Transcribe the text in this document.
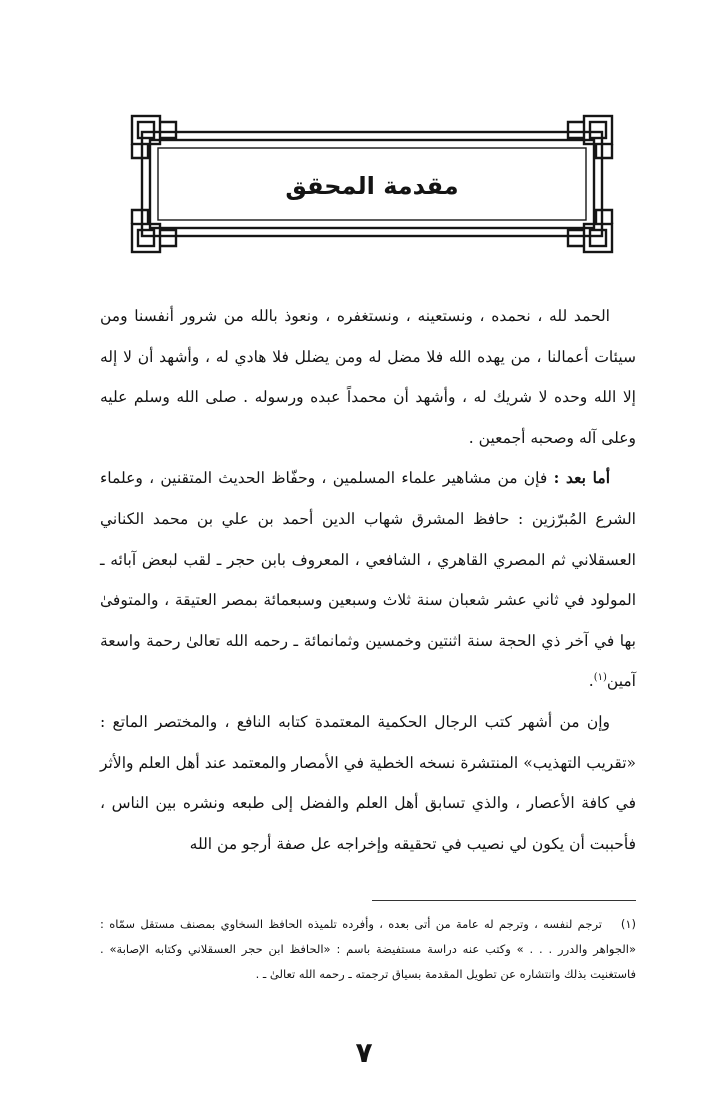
مقدمة المحقق

الحمد لله ، نحمده ، ونستعينه ، ونستغفره ، ونعوذ بالله من شرور أنفسنا ومن سيئات أعمالنا ، من يهده الله فلا مضل له ومن يضلل فلا هادي له ، وأشهد أن لا إله إلا الله وحده لا شريك له ، وأشهد أن محمداً عبده ورسوله . صلى الله وسلم عليه وعلى آله وصحبه أجمعين .

أما بعد : فإن من مشاهير علماء المسلمين ، وحفّاظ الحديث المتقنين ، وعلماء الشرع المُبرّزين : حافظ المشرق شهاب الدين أحمد بن علي بن محمد الكناني العسقلاني ثم المصري القاهري ، الشافعي ، المعروف بابن حجر ـ لقب لبعض آبائه ـ المولود في ثاني عشر شعبان سنة ثلاث وسبعين وسبعمائة بمصر العتيقة ، والمتوفىٰ بها في آخر ذي الحجة سنة اثنتين وخمسين وثمانمائة ـ رحمه الله تعالىٰ رحمة واسعة آمين$^{(١)}$.

وإن من أشهر كتب الرجال الحكمية المعتمدة كتابه النافع ، والمختصر الماتع : «تقريب التهذيب» المنتشرة نسخه الخطية في الأمصار والمعتمد عند أهل العلم والأثر في كافة الأعصار ، والذي تسابق أهل العلم والفضل إلى طبعه ونشره بين الناس ، فأحببت أن يكون لي نصيب في تحقيقه وإخراجه عل صفة أرجو من الله

(١)ترجم لنفسه ، وترجم له عامة من أتى بعده ، وأفرده تلميذه الحافظ السخاوي بمصنف مستقل سمّاه : «الجواهر والدرر . . . » وكتب عنه دراسة مستفيضة باسم : «الحافظ ابن حجر العسقلاني وكتابه الإصابة» . فاستغنيت بذلك وانتشاره عن تطويل المقدمة بسياق ترجمته ـ رحمه الله تعالىٰ ـ .

٧
